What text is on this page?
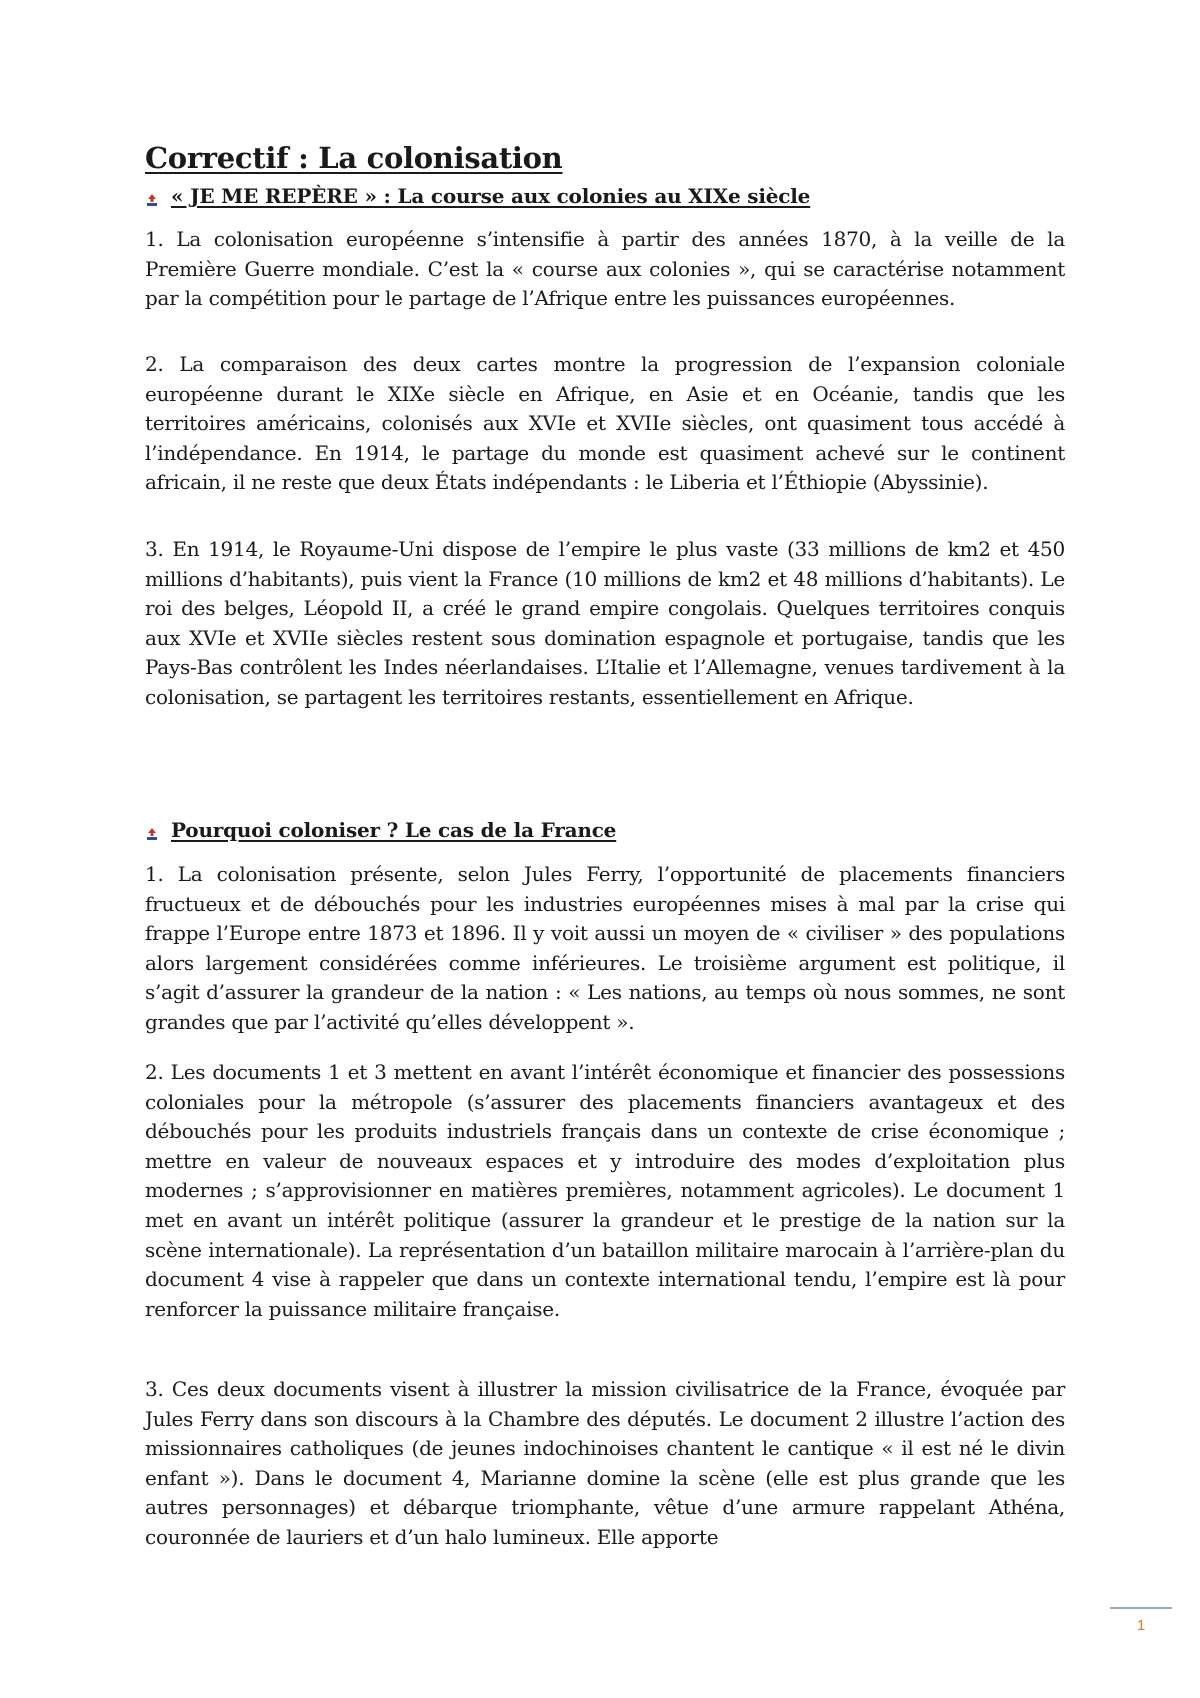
Correctif : La colonisation
« JE ME REPÈRE » : La course aux colonies au XIXe siècle

1. La colonisation européenne s’intensifie à partir des années 1870, à la veille de la Première Guerre mondiale. C’est la « course aux colonies », qui se caractérise notamment par la compétition pour le partage de l’Afrique entre les puissances européennes.

2. La comparaison des deux cartes montre la progression de l’expansion coloniale européenne durant le XIXe siècle en Afrique, en Asie et en Océanie, tandis que les territoires américains, colonisés aux XVIe et XVIIe siècles, ont quasiment tous accédé à l’indépendance. En 1914, le partage du monde est quasiment achevé sur le continent africain, il ne reste que deux États indépendants : le Liberia et l’Éthiopie (Abyssinie).

3. En 1914, le Royaume-Uni dispose de l’empire le plus vaste (33 millions de km2 et 450 millions d’habitants), puis vient la France (10 millions de km2 et 48 millions d’habitants). Le roi des belges, Léopold II, a créé le grand empire congolais. Quelques territoires conquis aux XVIe et XVIIe siècles restent sous domination espagnole et portugaise, tandis que les Pays-Bas contrôlent les Indes néerlandaises. L’Italie et l’Allemagne, venues tardivement à la colonisation, se partagent les territoires restants, essentiellement en Afrique.

Pourquoi coloniser ? Le cas de la France

1. La colonisation présente, selon Jules Ferry, l’opportunité de placements financiers fructueux et de débouchés pour les industries européennes mises à mal par la crise qui frappe l’Europe entre 1873 et 1896. Il y voit aussi un moyen de « civiliser » des populations alors largement considérées comme inférieures. Le troisième argument est politique, il s’agit d’assurer la grandeur de la nation : « Les nations, au temps où nous sommes, ne sont grandes que par l’activité qu’elles développent ».

2. Les documents 1 et 3 mettent en avant l’intérêt économique et financier des possessions coloniales pour la métropole (s’assurer des placements financiers avantageux et des débouchés pour les produits industriels français dans un contexte de crise économique ; mettre en valeur de nouveaux espaces et y introduire des modes d’exploitation plus modernes ; s’approvisionner en matières premières, notamment agricoles). Le document 1 met en avant un intérêt politique (assurer la grandeur et le prestige de la nation sur la scène internationale). La représentation d’un bataillon militaire marocain à l’arrière-plan du document 4 vise à rappeler que dans un contexte international tendu, l’empire est là pour renforcer la puissance militaire française.

3. Ces deux documents visent à illustrer la mission civilisatrice de la France, évoquée par Jules Ferry dans son discours à la Chambre des députés. Le document 2 illustre l’action des missionnaires catholiques (de jeunes indochinoises chantent le cantique « il est né le divin enfant »). Dans le document 4, Marianne domine la scène (elle est plus grande que les autres personnages) et débarque triomphante, vêtue d’une armure rappelant Athéna, couronnée de lauriers et d’un halo lumineux. Elle apporte

1
